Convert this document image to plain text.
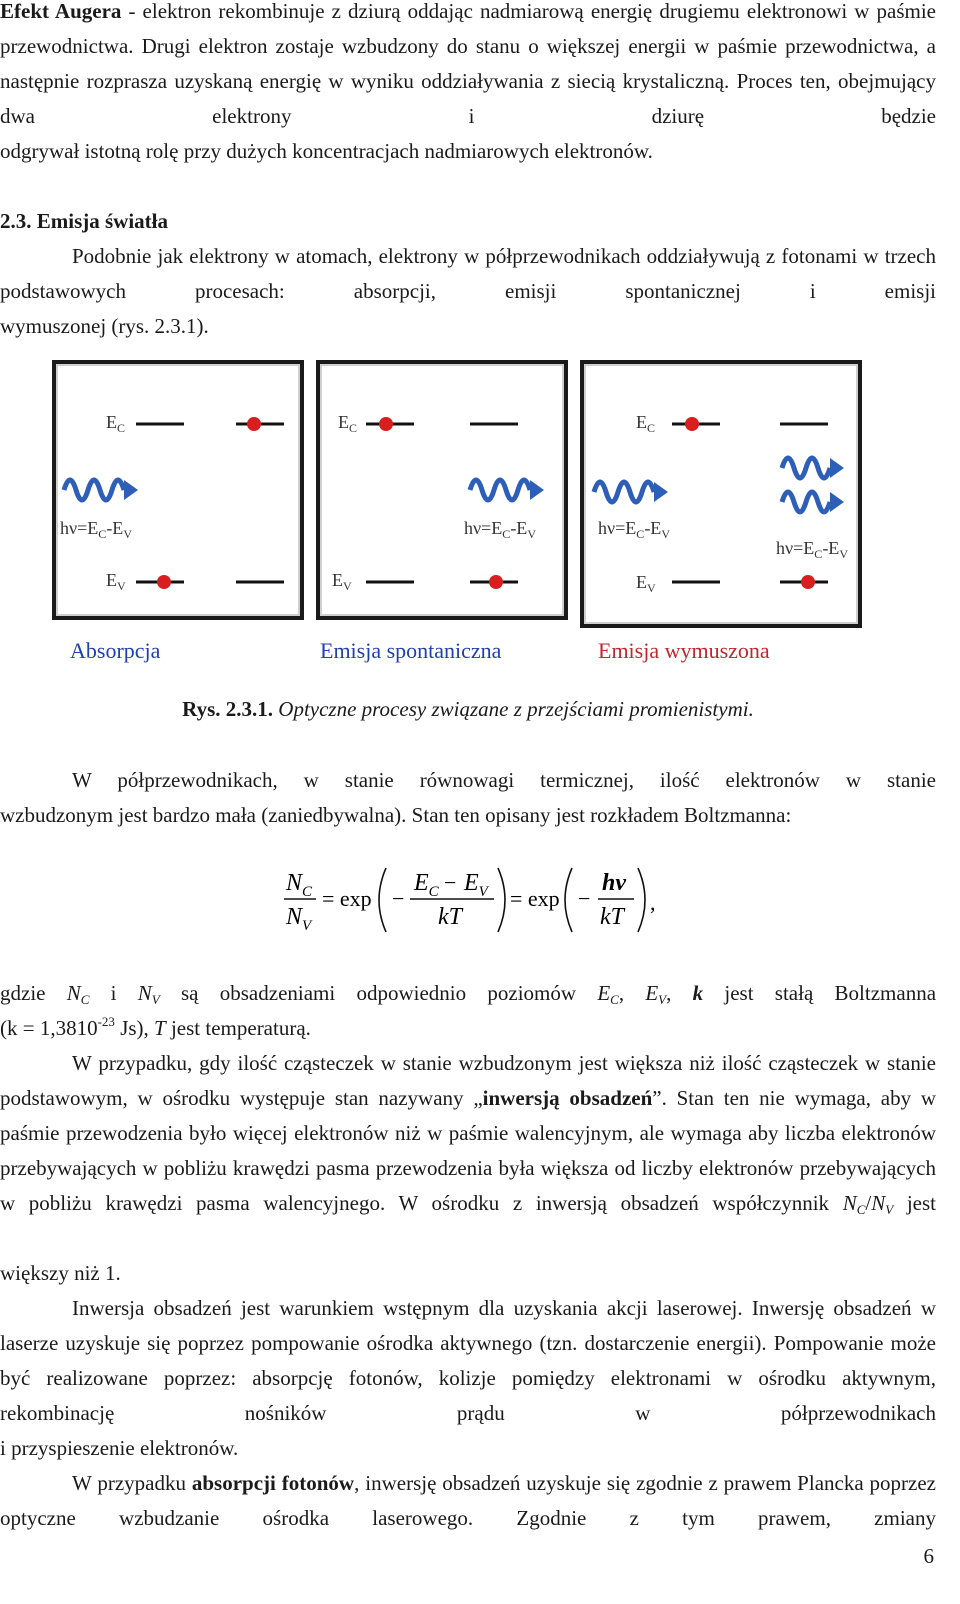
Efekt Augera - elektron rekombinuje z dziurą oddając nadmiarową energię drugiemu elektronowi w paśmie przewodnictwa. Drugi elektron zostaje wzbudzony do stanu o większej energii w paśmie przewodnictwa, a następnie rozprasza uzyskaną energię w wyniku oddziaływania z siecią krystaliczną. Proces ten, obejmujący dwa elektrony i dziurę będzie
odgrywał istotną rolę przy dużych koncentracjach nadmiarowych elektronów.
2.3. Emisja światła
Podobnie jak elektrony w atomach, elektrony w półprzewodnikach oddziaływują z fotonami w trzech podstawowych procesach: absorpcji, emisji spontanicznej i emisji
wymuszonej (rys. 2.3.1).
$E_C$
$h\nu=E_C-E_V$
$E_V$
$E_C$
$h\nu=E_C-E_V$
$E_V$
$E_C$
$h\nu=E_C-E_V$
$h\nu=E_C-E_V$
$E_V$
Absorpcja	Emisja spontaniczna	Emisja wymuszona
Rys. 2.3.1. Optyczne procesy związane z przejściami promienistymi.
W półprzewodnikach, w stanie równowagi termicznej, ilość elektronów w stanie
wzbudzonym jest bardzo mała (zaniedbywalna). Stan ten opisany jest rozkładem Boltzmanna:
$N_C$
$N_V$
= exp −
$E_C - E_V$
kT
= exp −
hν
kT
,
gdzie $N_C$ i $N_V$ są obsadzeniami odpowiednio poziomów $E_C$, $E_V$, k jest stałą Boltzmanna
($k = 1,3810^{-23}$ Js), T jest temperaturą.
W przypadku, gdy ilość cząsteczek w stanie wzbudzonym jest większa niż ilość cząsteczek w stanie podstawowym, w ośrodku występuje stan nazywany „inwersją obsadzeń”. Stan ten nie wymaga, aby w paśmie przewodzenia było więcej elektronów niż w paśmie walencyjnym, ale wymaga aby liczba elektronów przebywających w pobliżu krawędzi pasma przewodzenia była większa od liczby elektronów przebywających w pobliżu krawędzi pasma walencyjnego. W ośrodku z inwersją obsadzeń współczynnik $N_C/N_V$ jest
większy niż 1.
Inwersja obsadzeń jest warunkiem wstępnym dla uzyskania akcji laserowej. Inwersję obsadzeń w laserze uzyskuje się poprzez pompowanie ośrodka aktywnego (tzn. dostarczenie energii). Pompowanie może być realizowane poprzez: absorpcję fotonów, kolizje pomiędzy elektronami w ośrodku aktywnym, rekombinację nośników prądu w półprzewodnikach
i przyspieszenie elektronów.
W przypadku absorpcji fotonów, inwersję obsadzeń uzyskuje się zgodnie z prawem Plancka poprzez optyczne wzbudzanie ośrodka laserowego. Zgodnie z tym prawem, zmiany
6
